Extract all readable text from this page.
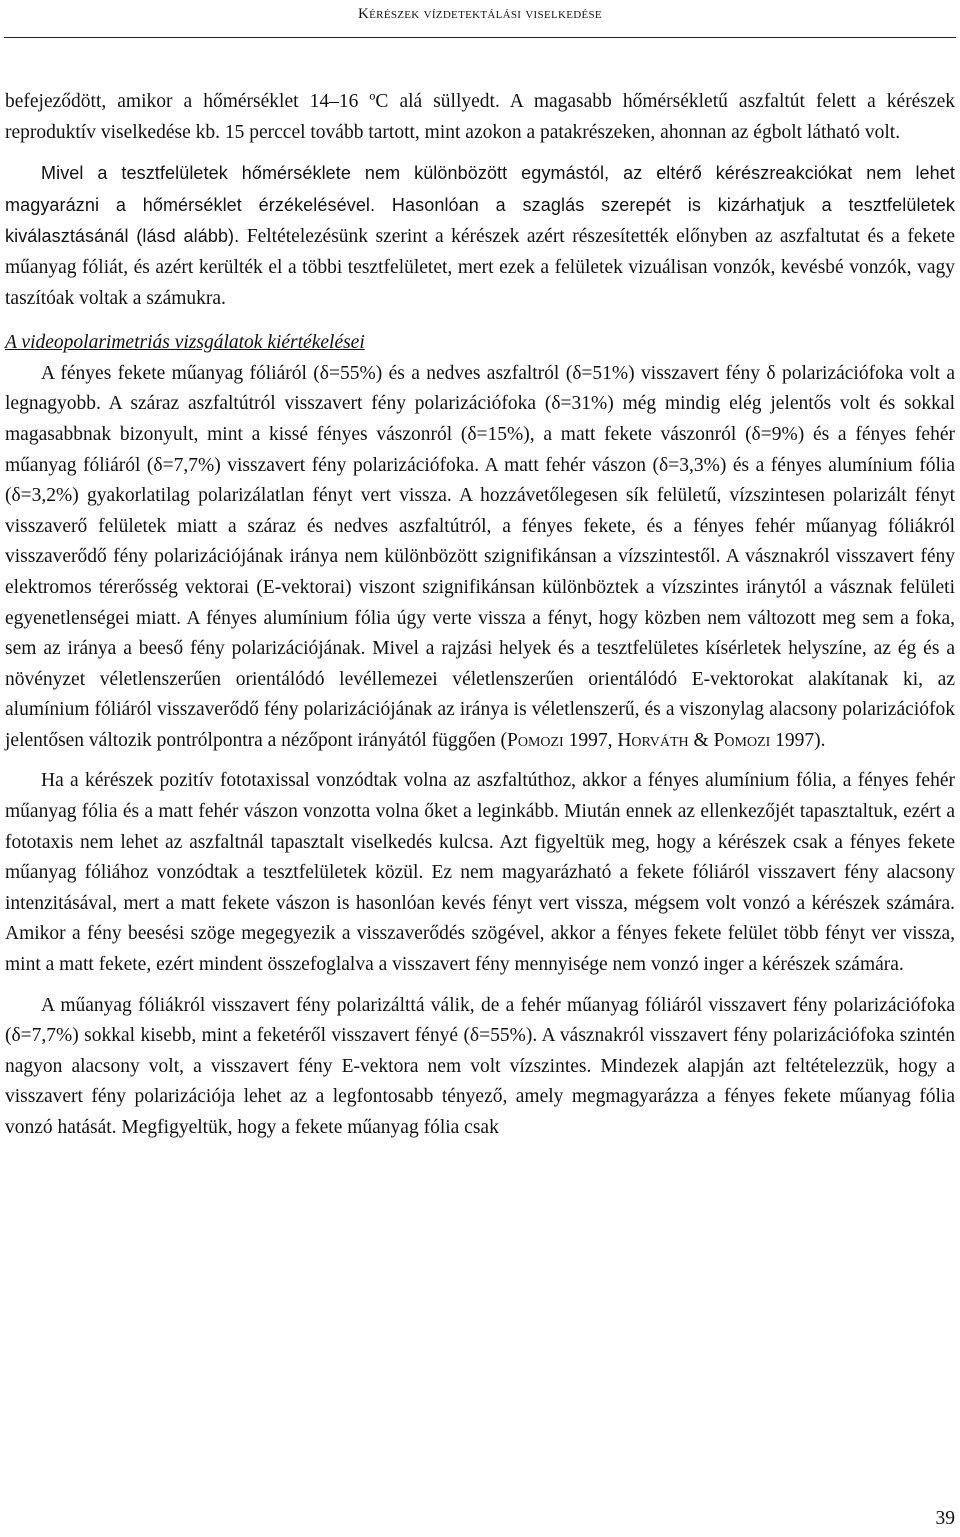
Kérészek vízdetektálási viselkedése

befejeződött, amikor a hőmérséklet 14–16 ºC alá süllyedt. A magasabb hőmérsékletű aszfaltút felett a kérészek reproduktív viselkedése kb. 15 perccel tovább tartott, mint azokon a patakrészeken, ahonnan az égbolt látható volt.

Mivel a tesztfelületek hőmérséklete nem különbözött egymástól, az eltérő kérészreakciókat nem lehet magyarázni a hőmérséklet érzékelésével. Hasonlóan a szaglás szerepét is kizárhatjuk a tesztfelületek kiválasztásánál (lásd alább). Feltételezésünk szerint a kérészek azért részesítették előnyben az aszfaltutat és a fekete műanyag fóliát, és azért kerülték el a többi tesztfelületet, mert ezek a felületek vizuálisan vonzók, kevésbé vonzók, vagy taszítóak voltak a számukra.

A videopolarimetriás vizsgálatok kiértékelései

A fényes fekete műanyag fóliáról (δ=55%) és a nedves aszfaltról (δ=51%) visszavert fény δ polarizációfoka volt a legnagyobb. A száraz aszfaltútról visszavert fény polarizációfoka (δ=31%) még mindig elég jelentős volt és sokkal magasabbnak bizonyult, mint a kissé fényes vászonról (δ=15%), a matt fekete vászonról (δ=9%) és a fényes fehér műanyag fóliáról (δ=7,7%) visszavert fény polarizációfoka. A matt fehér vászon (δ=3,3%) és a fényes alumínium fólia (δ=3,2%) gyakorlatilag polarizálatlan fényt vert vissza. A hozzávetőlegesen sík felületű, vízszintesen polarizált fényt visszaverő felületek miatt a száraz és nedves aszfaltútról, a fényes fekete, és a fényes fehér műanyag fóliákról visszaverődő fény polarizációjának iránya nem különbözött szignifikánsan a vízszintestől. A vásznakról visszavert fény elektromos térerősség vektorai (E-vektorai) viszont szignifikánsan különböztek a vízszintes iránytól a vásznak felületi egyenetlenségei miatt. A fényes alumínium fólia úgy verte vissza a fényt, hogy közben nem változott meg sem a foka, sem az iránya a beeső fény polarizációjának. Mivel a rajzási helyek és a tesztfelületes kísérletek helyszíne, az ég és a növényzet véletlenszerűen orientálódó levéllemezei véletlenszerűen orientálódó E-vektorokat alakítanak ki, az alumínium fóliáról visszaverődő fény polarizációjának az iránya is véletlenszerű, és a viszonylag alacsony polarizációfok jelentősen változik pontrólpontra a nézőpont irányától függően (Pomozi 1997, Horváth & Pomozi 1997).

Ha a kérészek pozitív fototaxissal vonzódtak volna az aszfaltúthoz, akkor a fényes alumínium fólia, a fényes fehér műanyag fólia és a matt fehér vászon vonzotta volna őket a leginkább. Miután ennek az ellenkezőjét tapasztaltuk, ezért a fototaxis nem lehet az aszfaltnál tapasztalt viselkedés kulcsa. Azt figyeltük meg, hogy a kérészek csak a fényes fekete műanyag fóliához vonzódtak a tesztfelületek közül. Ez nem magyarázható a fekete fóliáról visszavert fény alacsony intenzitásával, mert a matt fekete vászon is hasonlóan kevés fényt vert vissza, mégsem volt vonzó a kérészek számára. Amikor a fény beesési szöge megegyezik a visszaverődés szögével, akkor a fényes fekete felület több fényt ver vissza, mint a matt fekete, ezért mindent összefoglalva a visszavert fény mennyisége nem vonzó inger a kérészek számára.

A műanyag fóliákról visszavert fény polarizálttá válik, de a fehér műanyag fóliáról visszavert fény polarizációfoka (δ=7,7%) sokkal kisebb, mint a feketéről visszavert fényé (δ=55%). A vásznakról visszavert fény polarizációfoka szintén nagyon alacsony volt, a visszavert fény E-vektora nem volt vízszintes. Mindezek alapján azt feltételezzük, hogy a visszavert fény polarizációja lehet az a legfontosabb tényező, amely megmagyarázza a fényes fekete műanyag fólia vonzó hatását. Megfigyeltük, hogy a fekete műanyag fólia csak

39
